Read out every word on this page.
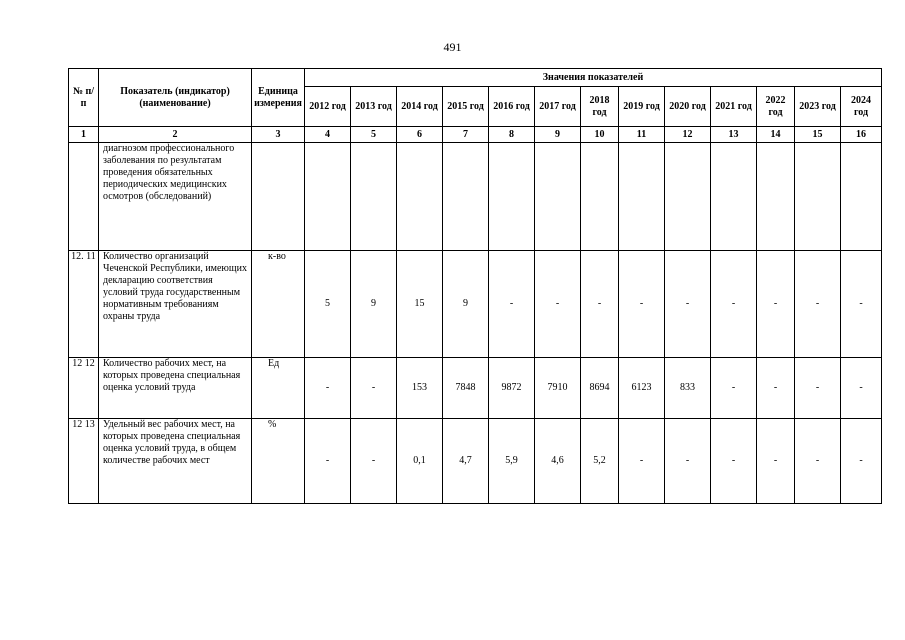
491
№ п/п	Показатель (индикатор) (наименование)	Единица измерения	Значения показателей												
			2012 год	2013 год	2014 год	2015 год	2016 год	2017 год	2018 год	2019 год	2020 год	2021 год	2022 год	2023 год	2024 год
1	2	3	4	5	6	7	8	9	10	11	12	13	14	15	16
	диагнозом профессионального заболевания по результатам проведения обязательных периодических медицинских осмотров (обследований)														
12. 11	Количество организаций Чеченской Республики, имеющих декларацию соответствия условий труда государственным нормативным требованиям охраны труда	к-во	5	9	15	9	-	-	-	-	-	-	-	-	-
12 12	Количество рабочих мест, на которых проведена специальная оценка условий труда	Ед	-	-	153	7848	9872	7910	8694	6123	833	-	-	-	-
12 13	Удельный вес рабочих мест, на которых проведена специальная оценка условий труда, в общем количестве рабочих мест	%	-	-	0,1	4,7	5,9	4,6	5,2	-	-	-	-	-	-
